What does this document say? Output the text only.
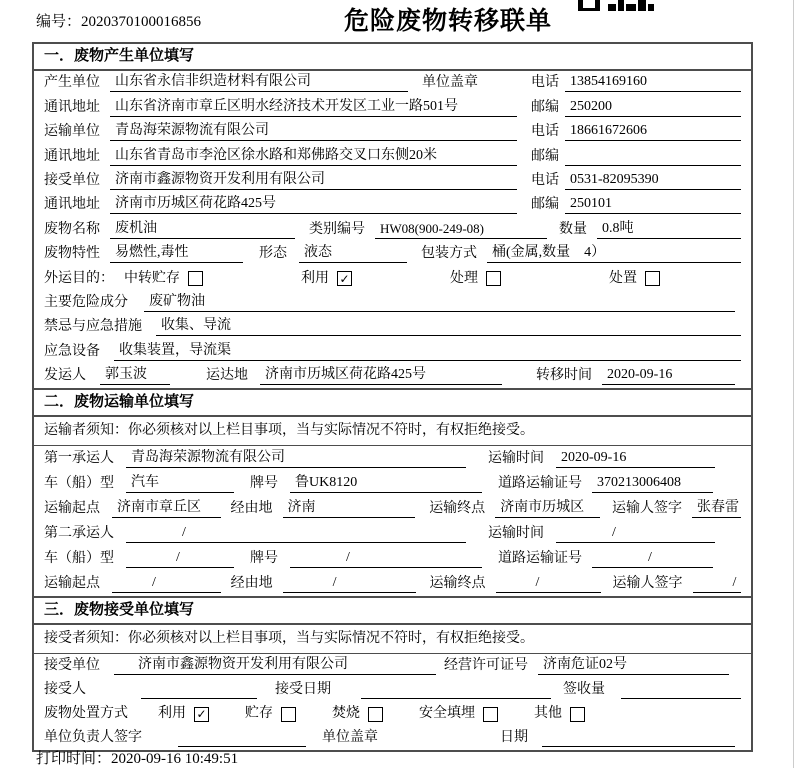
编号：2020370100016856	危险废物转移联单
一．废物产生单位填写
产生单位	山东省永信非织造材料有限公司	单位盖章	电话 13854169160
通讯地址	山东省济南市章丘区明水经济技术开发区工业一路501号	邮编 250200
运输单位	青岛海荣源物流有限公司	电话 18661672606
通讯地址	山东省青岛市李沧区徐水路和郑佛路交叉口东侧20米	邮编
接受单位	济南市鑫源物资开发利用有限公司	电话 0531-82095390
通讯地址	济南市历城区荷花路425号	邮编 250101
废物名称	废机油	类别编号	HW08(900-249-08)	数量	0.8吨
废物特性	易燃性,毒性	形态	液态	包装方式	桶(金属,数量　4）
外运目的： 中转贮存	利用 ✓	处理	处置
主要危险成分	废矿物油
禁忌与应急措施	收集、导流
应急设备	收集装置，导流渠
发运人	郭玉波	运达地	济南市历城区荷花路425号	转移时间	2020-09-16
二．废物运输单位填写
运输者须知：你必须核对以上栏目事项，当与实际情况不符时，有权拒绝接受。
第一承运人	青岛海荣源物流有限公司	运输时间	2020-09-16
车（船）型	汽车	牌号	鲁UK8120	道路运输证号	370213006408
运输起点	济南市章丘区	经由地	济南	运输终点	济南市历城区	运输人签字	张春雷
第二承运人	/	运输时间	/
车（船）型	/	牌号	/	道路运输证号	/
运输起点	/	经由地	/	运输终点	/	运输人签字	/
三．废物接受单位填写
接受者须知：你必须核对以上栏目事项，当与实际情况不符时，有权拒绝接受。
接受单位	济南市鑫源物资开发利用有限公司	经营许可证号	济南危证02号
接受人	接受日期	签收量
废物处置方式 利用 ✓	贮存	焚烧	安全填埋	其他
单位负责人签字	单位盖章	日期
打印时间：2020-09-16 10:49:51
